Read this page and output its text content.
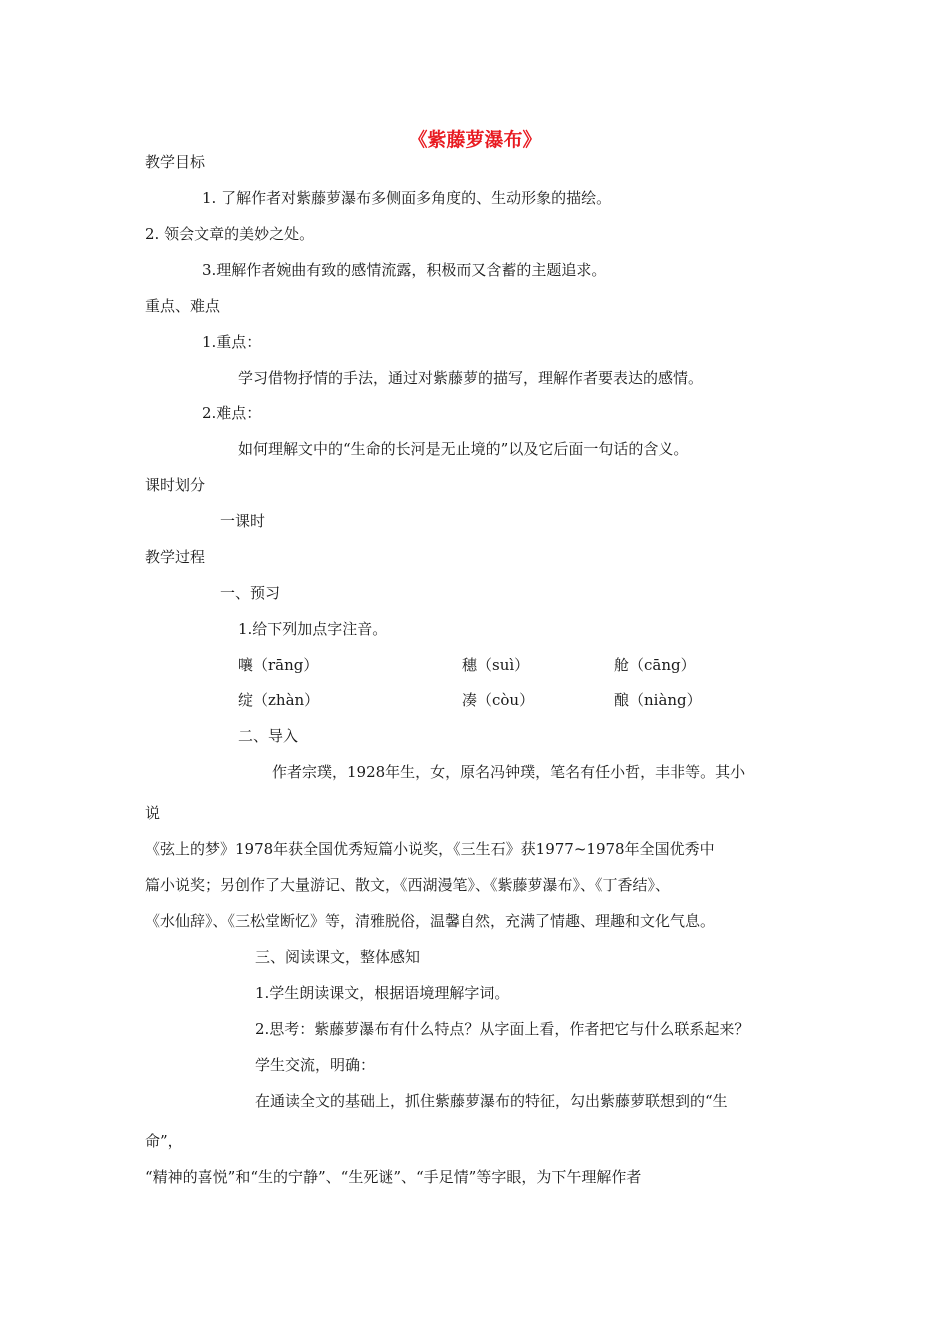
《紫藤萝瀑布》
教学目标
1. 了解作者对紫藤萝瀑布多侧面多角度的、生动形象的描绘。
2. 领会文章的美妙之处。
3.理解作者婉曲有致的感情流露，积极而又含蓄的主题追求。
重点、难点
1.重点：
学习借物抒情的手法，通过对紫藤萝的描写，理解作者要表达的感情。
2.难点：
如何理解文中的“生命的长河是无止境的”以及它后面一句话的含义。
课时划分
一课时
教学过程
一、预习
1.给下列加点字注音。
嚷（rāng）	穗（suì）	舱（cāng）
绽（zhàn）	凑（còu）	酿（niàng）
二、导入
作者宗璞，1928年生，女，原名冯钟璞，笔名有任小哲，丰非等。其小
说
《弦上的梦》1978年获全国优秀短篇小说奖，《三生石》获1977~1978年全国优秀中
篇小说奖；另创作了大量游记、散文，《西湖漫笔》、《紫藤萝瀑布》、《丁香结》、
《水仙辞》、《三松堂断忆》等，清雅脱俗，温馨自然，充满了情趣、理趣和文化气息。
三、阅读课文，整体感知
1.学生朗读课文，根据语境理解字词。
2.思考：紫藤萝瀑布有什么特点？从字面上看，作者把它与什么联系起来？
学生交流，明确：
在通读全文的基础上，抓住紫藤萝瀑布的特征，勾出紫藤萝联想到的“生
命”，
“精神的喜悦”和“生的宁静”、“生死谜”、“手足情”等字眼，为下午理解作者
